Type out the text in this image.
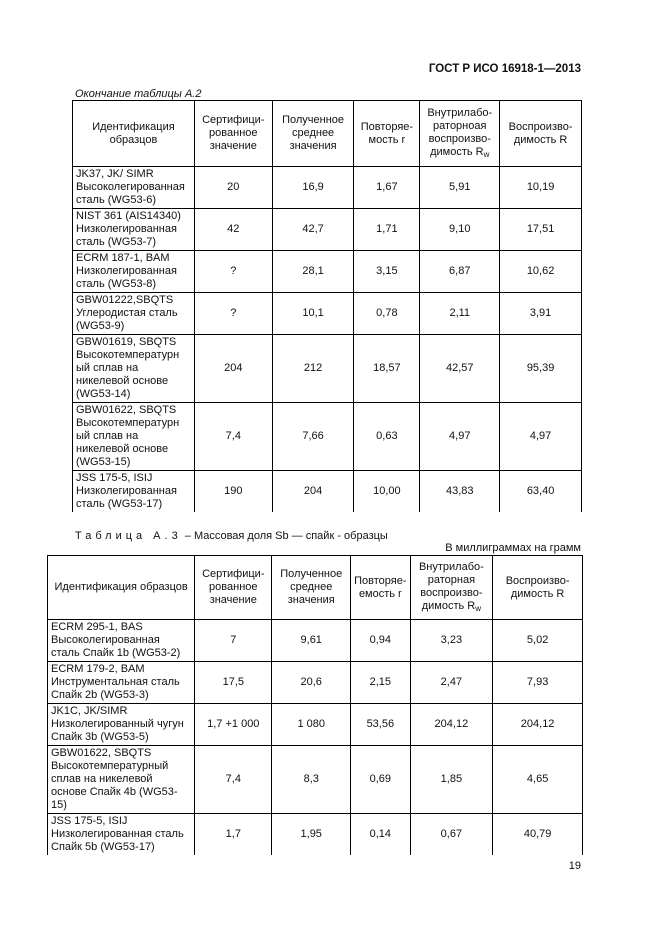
ГОСТ Р ИСО 16918-1—2013
Окончание таблицы А.2
Идентификация образцов	Сертифици-рованное значение	Полученное среднее значения	Повторяе-мость r	Внутрилабо-раторноая воспроизво-димость $R_w$	Воспроизво-димость R
JK37, JK/ SIMR Высоколегированная сталь (WG53-6)	20	16,9	1,67	5,91	10,19
NIST 361 (AIS14340) Низколегированная сталь (WG53-7)	42	42,7	1,71	9,10	17,51
ECRM 187-1, BAM Низколегированная сталь (WG53-8)	?	28,1	3,15	6,87	10,62
GBW01222,SBQTS Углеродистая сталь (WG53-9)	?	10,1	0,78	2,11	3,91
GBW01619, SBQTS Высокотемпературн ый сплав на никелевой основе (WG53-14)	204	212	18,57	42,57	95,39
GBW01622, SBQTS Высокотемпературн ый сплав на никелевой основе (WG53-15)	7,4	7,66	0,63	4,97	4,97
JSS 175-5, ISIJ Низколегированная сталь (WG53-17)	190	204	10,00	43,83	63,40
Таблица А.3 – Массовая доля Sb — спайк - образцы
В миллиграммах на грамм
Идентификация образцов	Сертифици-рованное значение	Полученное среднее значения	Повторяе-емость r	Внутрилабо-раторная воспроизво-димость $R_w$	Воспроизво-димость R
ECRM 295-1, BAS Высоколегированная сталь Спайк 1b (WG53-2)	7	9,61	0,94	3,23	5,02
ECRM 179-2, BAM Инструментальная сталь Спайк 2b (WG53-3)	17,5	20,6	2,15	2,47	7,93
JK1C, JK/SIMR Низколегированный чугун Спайк 3b (WG53-5)	1,7 +1 000	1 080	53,56	204,12	204,12
GBW01622, SBQTS Высокотемпературный сплав на никелевой основе Спайк 4b (WG53-15)	7,4	8,3	0,69	1,85	4,65
JSS 175-5, ISIJ Низколегированная сталь Спайк 5b (WG53-17)	1,7	1,95	0,14	0,67	40,79
19
